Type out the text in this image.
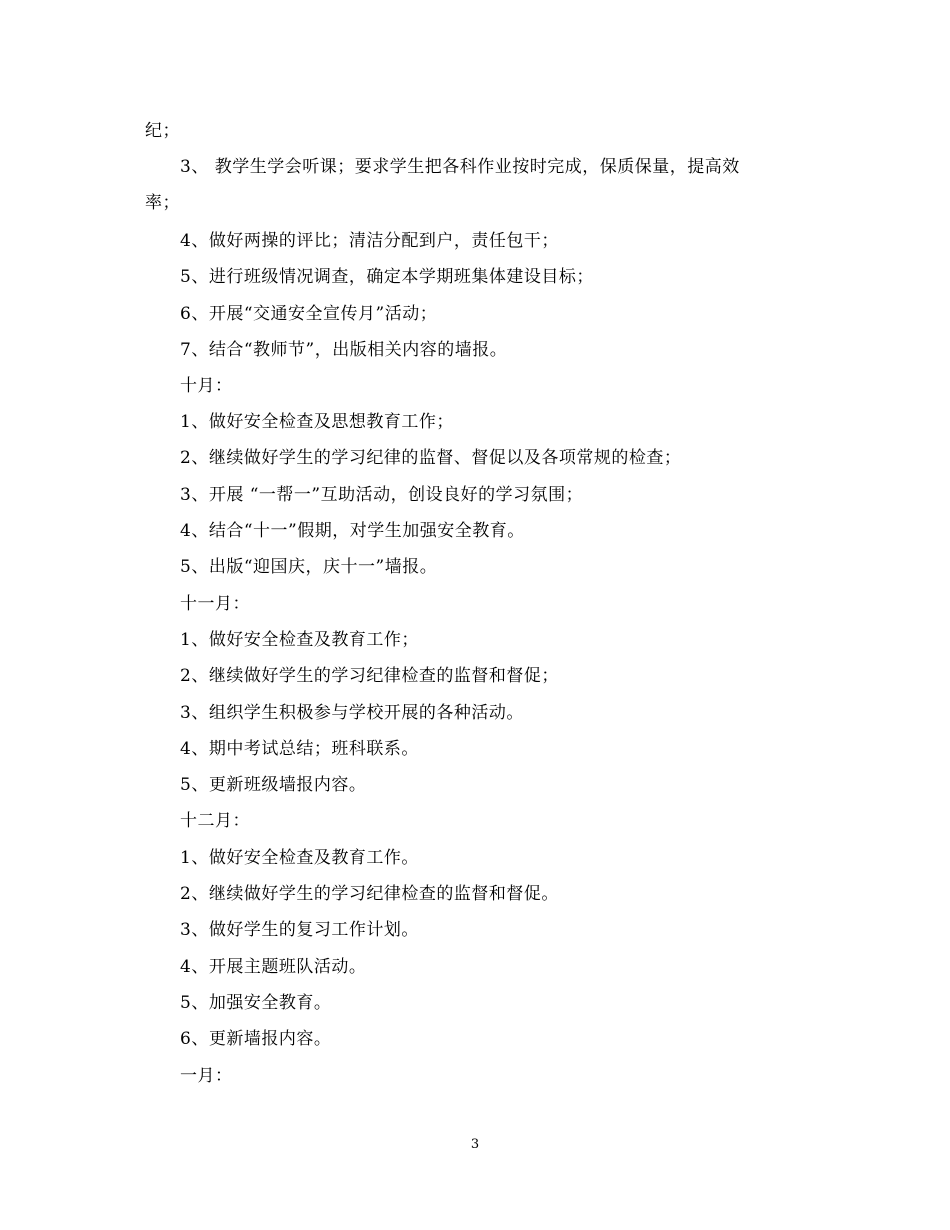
纪；
3、 教学生学会听课；要求学生把各科作业按时完成，保质保量，提高效
率；
4、做好两操的评比；清洁分配到户，责任包干；
5、进行班级情况调查，确定本学期班集体建设目标；
6、开展“交通安全宣传月”活动；
7、结合“教师节”，出版相关内容的墙报。
十月：
1、做好安全检查及思想教育工作；
2、继续做好学生的学习纪律的监督、督促以及各项常规的检查；
3、开展 “一帮一”互助活动，创设良好的学习氛围；
4、结合“十一”假期，对学生加强安全教育。
5、出版“迎国庆，庆十一”墙报。
十一月：
1、做好安全检查及教育工作；
2、继续做好学生的学习纪律检查的监督和督促；
3、组织学生积极参与学校开展的各种活动。
4、期中考试总结；班科联系。
5、更新班级墙报内容。
十二月：
1、做好安全检查及教育工作。
2、继续做好学生的学习纪律检查的监督和督促。
3、做好学生的复习工作计划。
4、开展主题班队活动。
5、加强安全教育。
6、更新墙报内容。
一月：
3
